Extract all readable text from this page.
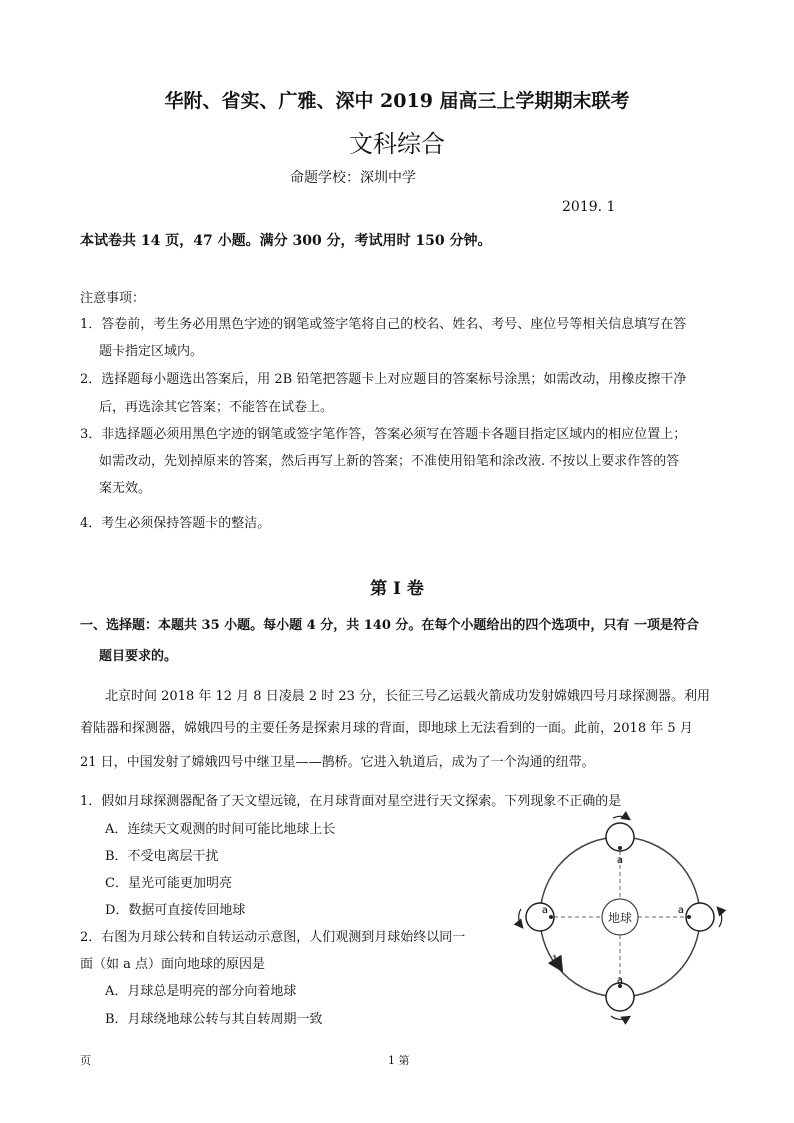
华附、省实、广雅、深中 2019 届高三上学期期末联考
文科综合
命题学校：深圳中学
2019. 1
本试卷共 14 页，47 小题。满分 300 分，考试用时 150 分钟。
注意事项：
1．答卷前，考生务必用黑色字迹的钢笔或签字笔将自己的校名、姓名、考号、座位号等相关信息填写在答
题卡指定区域内。
2．选择题每小题选出答案后，用 2B 铅笔把答题卡上对应题目的答案标号涂黑；如需改动，用橡皮擦干净
后，再选涂其它答案；不能答在试卷上。
3．非选择题必须用黑色字迹的钢笔或签字笔作答，答案必须写在答题卡各题目指定区域内的相应位置上；
如需改动，先划掉原来的答案，然后再写上新的答案；不准使用铅笔和涂改液. 不按以上要求作答的答
案无效。
4．考生必须保持答题卡的整洁。
第 I 卷
一、选择题：本题共 35 小题。每小题 4 分，共 140 分。在每个小题给出的四个选项中，只有 一项是符合
题目要求的。
北京时间 2018 年 12 月 8 日凌晨 2 时 23 分，长征三号乙运载火箭成功发射嫦娥四号月球探测器。利用
着陆器和探测器，嫦娥四号的主要任务是探索月球的背面，即地球上无法看到的一面。此前，2018 年 5 月
21 日，中国发射了嫦娥四号中继卫星——鹊桥。它进入轨道后，成为了一个沟通的纽带。
1．假如月球探测器配备了天文望远镜，在月球背面对星空进行天文探索。下列现象不正确的是
A．连续天文观测的时间可能比地球上长
B．不受电离层干扰
C．星光可能更加明亮
D．数据可直接传回地球
2．右图为月球公转和自转运动示意图，人们观测到月球始终以同一
面（如 a 点）面向地球的原因是
A．月球总是明亮的部分向着地球
B．月球绕地球公转与其自转周期一致
地球
a
a
a	a
页	1 第
